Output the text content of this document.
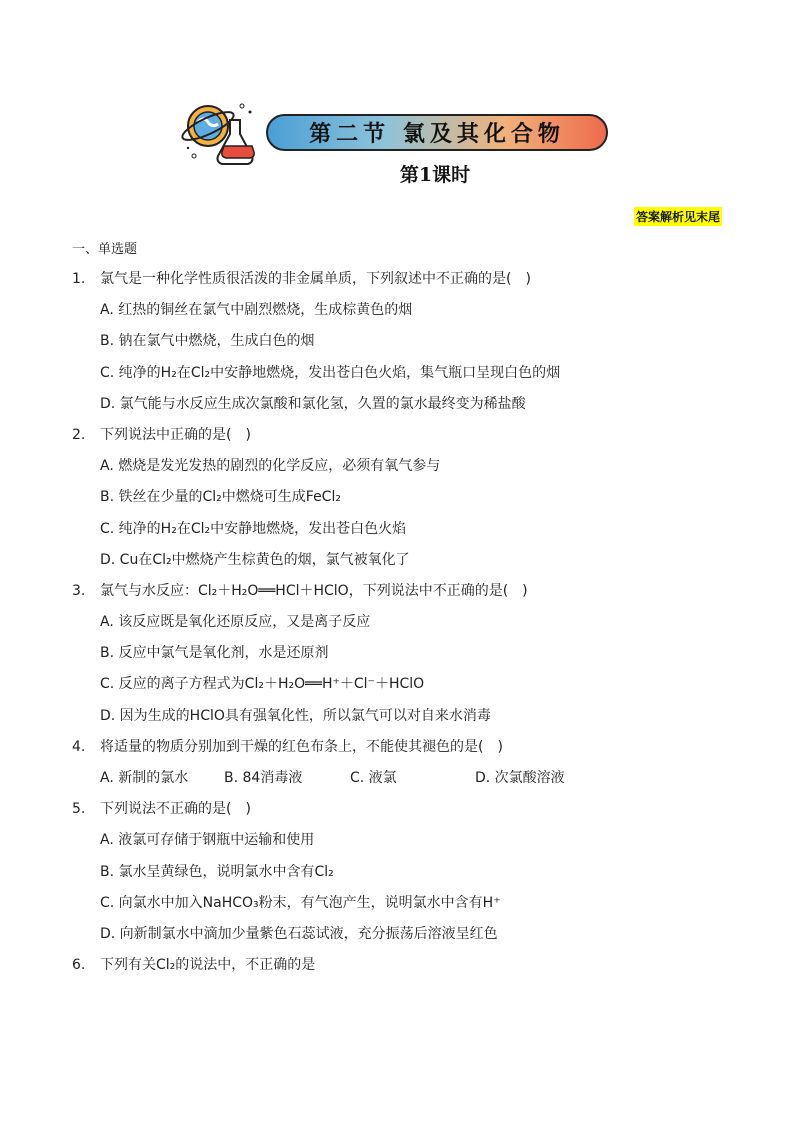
第二节 氯及其化合物
第1课时
答案解析见末尾
一、单选题
1. 氯气是一种化学性质很活泼的非金属单质，下列叙述中不正确的是(　)
A. 红热的铜丝在氯气中剧烈燃烧，生成棕黄色的烟
B. 钠在氯气中燃烧，生成白色的烟
C. 纯净的H₂在Cl₂中安静地燃烧，发出苍白色火焰，集气瓶口呈现白色的烟
D. 氯气能与水反应生成次氯酸和氯化氢，久置的氯水最终变为稀盐酸
2. 下列说法中正确的是(　)
A. 燃烧是发光发热的剧烈的化学反应，必须有氧气参与
B. 铁丝在少量的Cl₂中燃烧可生成FeCl₂
C. 纯净的H₂在Cl₂中安静地燃烧，发出苍白色火焰
D. Cu在Cl₂中燃烧产生棕黄色的烟，氯气被氧化了
3. 氯气与水反应：Cl₂＋H₂O══HCl＋HClO，下列说法中不正确的是(　)
A. 该反应既是氧化还原反应，又是离子反应
B. 反应中氯气是氧化剂，水是还原剂
C. 反应的离子方程式为Cl₂＋H₂O══H⁺＋Cl⁻＋HClO
D. 因为生成的HClO具有强氧化性，所以氯气可以对自来水消毒
4. 将适量的物质分别加到干燥的红色布条上，不能使其褪色的是(　)
A. 新制的氯水	B. 84消毒液	C. 液氯	D. 次氯酸溶液
5. 下列说法不正确的是(　)
A. 液氯可存储于钢瓶中运输和使用
B. 氯水呈黄绿色，说明氯水中含有Cl₂
C. 向氯水中加入NaHCO₃粉末，有气泡产生，说明氯水中含有H⁺
D. 向新制氯水中滴加少量紫色石蕊试液，充分振荡后溶液呈红色
6. 下列有关Cl₂的说法中，不正确的是
